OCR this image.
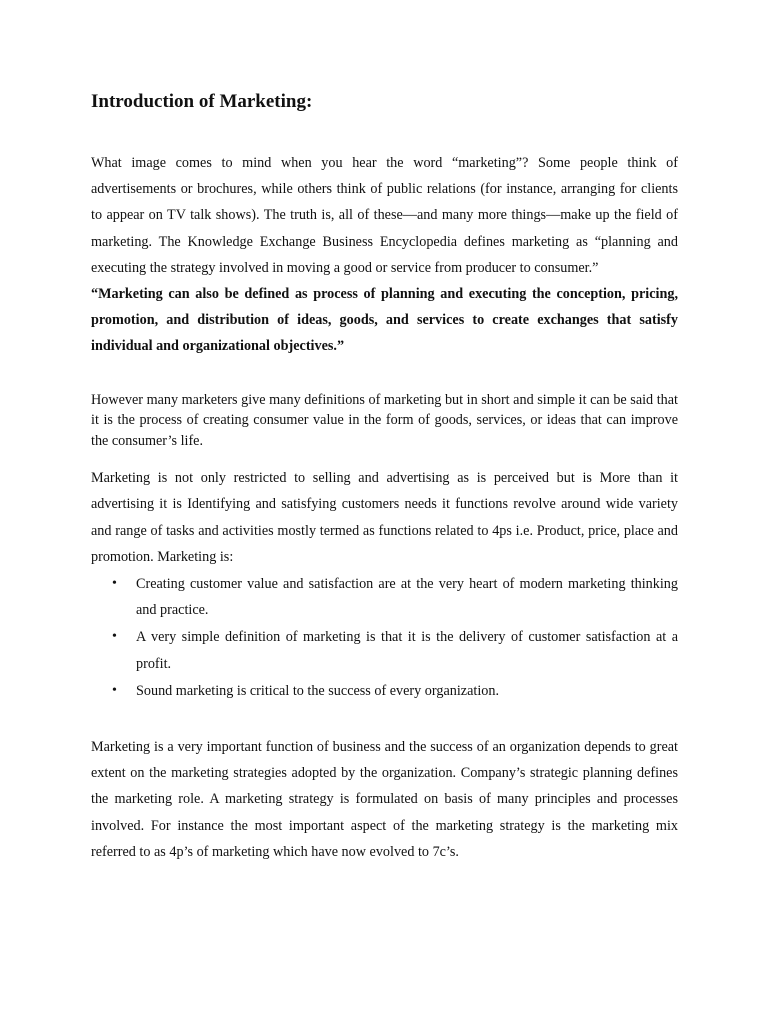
Introduction of Marketing:

What image comes to mind when you hear the word “marketing”? Some people think of advertisements or brochures, while others think of public relations (for instance, arranging for clients to appear on TV talk shows). The truth is, all of these—and many more things—make up the field of marketing. The Knowledge Exchange Business Encyclopedia defines marketing as “planning and executing the strategy involved in moving a good or service from producer to consumer.”

“Marketing can also be defined as process of planning and executing the conception, pricing, promotion, and distribution of ideas, goods, and services to create exchanges that satisfy individual and organizational objectives.”

However many marketers give many definitions of marketing but in short and simple it can be said that it is the process of creating consumer value in the form of goods, services, or ideas that can improve the consumer’s life.

Marketing is not only restricted to selling and advertising as is perceived but is More than it advertising it is Identifying and satisfying customers needs it functions revolve around wide variety and range of tasks and activities mostly termed as functions related to 4ps i.e. Product, price, place and promotion. Marketing is:

• Creating customer value and satisfaction are at the very heart of modern marketing thinking and practice.
• A very simple definition of marketing is that it is the delivery of customer satisfaction at a profit.
• Sound marketing is critical to the success of every organization.

Marketing is a very important function of business and the success of an organization depends to great extent on the marketing strategies adopted by the organization. Company’s strategic planning defines the marketing role. A marketing strategy is formulated on basis of many principles and processes involved. For instance the most important aspect of the marketing strategy is the marketing mix referred to as 4p’s of marketing which have now evolved to 7c’s.
